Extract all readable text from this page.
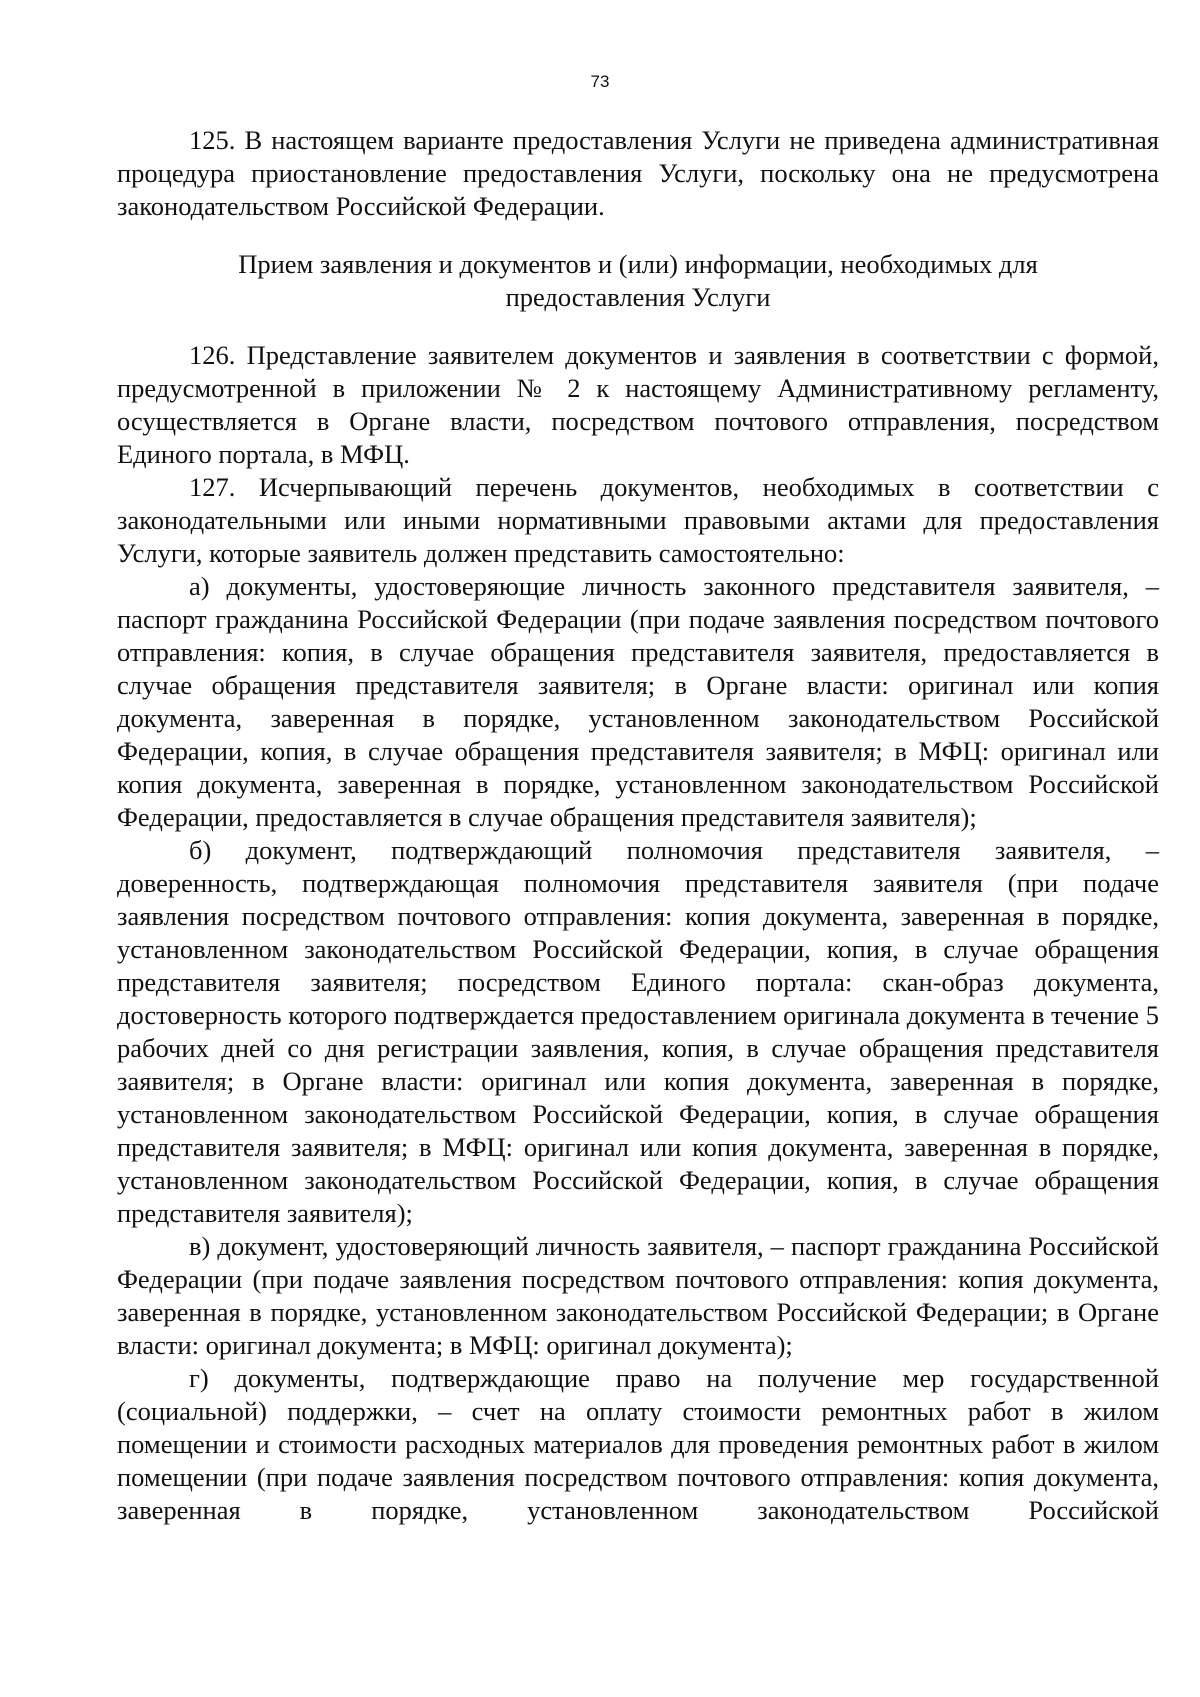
73

125. В настоящем варианте предоставления Услуги не приведена административная процедура приостановление предоставления Услуги, поскольку она не предусмотрена законодательством Российской Федерации.

Прием заявления и документов и (или) информации, необходимых для

предоставления Услуги

126. Представление заявителем документов и заявления в соответствии с формой, предусмотренной в приложении № 2 к настоящему Административному регламенту, осуществляется в Органе власти, посредством почтового отправления, посредством Единого портала, в МФЦ.

127. Исчерпывающий перечень документов, необходимых в соответствии с законодательными или иными нормативными правовыми актами для предоставления Услуги, которые заявитель должен представить самостоятельно:

а) документы, удостоверяющие личность законного представителя заявителя, – паспорт гражданина Российской Федерации (при подаче заявления посредством почтового отправления: копия, в случае обращения представителя заявителя, предоставляется в случае обращения представителя заявителя; в Органе власти: оригинал или копия документа, заверенная в порядке, установленном законодательством Российской Федерации, копия, в случае обращения представителя заявителя; в МФЦ: оригинал или копия документа, заверенная в порядке, установленном законодательством Российской Федерации, предоставляется в случае обращения представителя заявителя);

б) документ, подтверждающий полномочия представителя заявителя, – доверенность, подтверждающая полномочия представителя заявителя (при подаче заявления посредством почтового отправления: копия документа, заверенная в порядке, установленном законодательством Российской Федерации, копия, в случае обращения представителя заявителя; посредством Единого портала: скан-образ документа, достоверность которого подтверждается предоставлением оригинала документа в течение 5 рабочих дней со дня регистрации заявления, копия, в случае обращения представителя заявителя; в Органе власти: оригинал или копия документа, заверенная в порядке, установленном законодательством Российской Федерации, копия, в случае обращения представителя заявителя; в МФЦ: оригинал или копия документа, заверенная в порядке, установленном законодательством Российской Федерации, копия, в случае обращения представителя заявителя);

в) документ, удостоверяющий личность заявителя, – паспорт гражданина Российской Федерации (при подаче заявления посредством почтового отправления: копия документа, заверенная в порядке, установленном законодательством Российской Федерации; в Органе власти: оригинал документа; в МФЦ: оригинал документа);

г) документы, подтверждающие право на получение мер государственной (социальной) поддержки, – счет на оплату стоимости ремонтных работ в жилом помещении и стоимости расходных материалов для проведения ремонтных работ в жилом помещении (при подаче заявления посредством почтового отправления: копия документа, заверенная в порядке, установленном законодательством Российской
